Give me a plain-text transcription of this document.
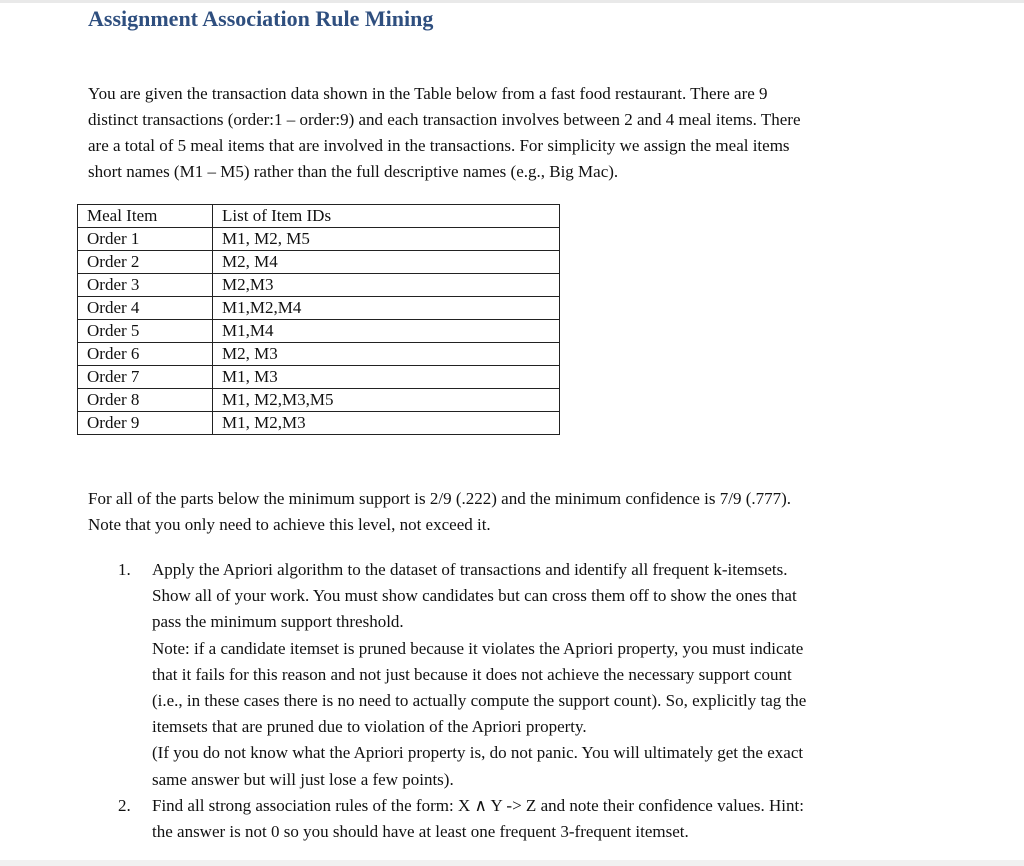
Assignment Association Rule Mining

You are given the transaction data shown in the Table below from a fast food restaurant. There are 9
distinct transactions (order:1 – order:9) and each transaction involves between 2 and 4 meal items. There
are a total of 5 meal items that are involved in the transactions. For simplicity we assign the meal items
short names (M1 – M5) rather than the full descriptive names (e.g., Big Mac).

Meal Item	List of Item IDs
Order 1	M1, M2, M5
Order 2	M2, M4
Order 3	M2,M3
Order 4	M1,M2,M4
Order 5	M1,M4
Order 6	M2, M3
Order 7	M1, M3
Order 8	M1, M2,M3,M5
Order 9	M1, M2,M3

For all of the parts below the minimum support is 2/9 (.222) and the minimum confidence is 7/9 (.777).
Note that you only need to achieve this level, not exceed it.

1. Apply the Apriori algorithm to the dataset of transactions and identify all frequent k-itemsets.
Show all of your work. You must show candidates but can cross them off to show the ones that
pass the minimum support threshold.
Note: if a candidate itemset is pruned because it violates the Apriori property, you must indicate
that it fails for this reason and not just because it does not achieve the necessary support count
(i.e., in these cases there is no need to actually compute the support count). So, explicitly tag the
itemsets that are pruned due to violation of the Apriori property.
(If you do not know what the Apriori property is, do not panic. You will ultimately get the exact
same answer but will just lose a few points).
2. Find all strong association rules of the form: X ∧ Y -> Z and note their confidence values. Hint:
the answer is not 0 so you should have at least one frequent 3-frequent itemset.
